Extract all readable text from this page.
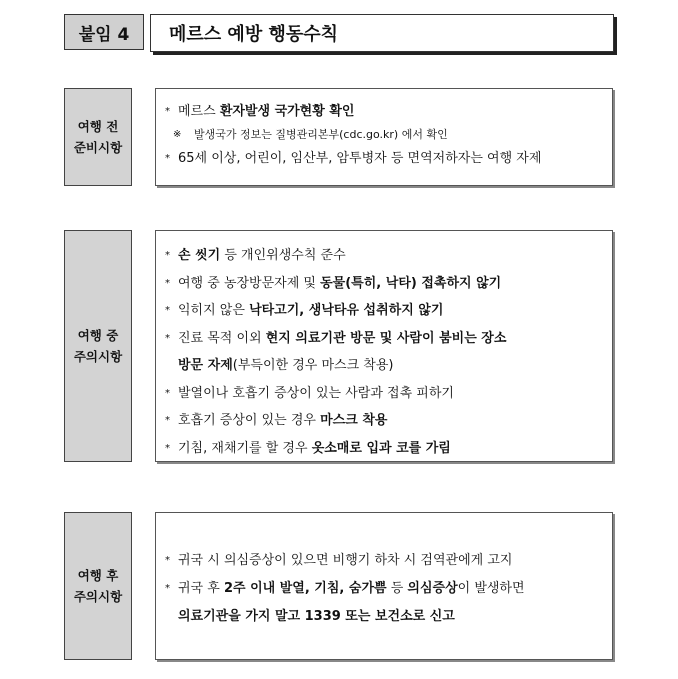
붙임 4 메르스 예방 행동수칙
여행 전
준비시항
* 메르스 환자발생 국가현황 확인
※ 발생국가 정보는 질병관리본부(cdc.go.kr) 에서 확인
* 65세 이상, 어린이, 임산부, 암투병자 등 면역저하자는 여행 자제
여행 중
주의시항
* 손 씻기 등 개인위생수칙 준수
* 여행 중 농장방문자제 및 동물(특히, 낙타) 접촉하지 않기
* 익히지 않은 낙타고기, 생낙타유 섭취하지 않기
* 진료 목적 이외 현지 의료기관 방문 및 사람이 붐비는 장소
방문 자제(부득이한 경우 마스크 착용)
* 발열이나 호흡기 증상이 있는 사람과 접촉 피하기
* 호흡기 증상이 있는 경우 마스크 착용
* 기침, 재채기를 할 경우 옷소매로 입과 코를 가림
여행 후
주의시항
* 귀국 시 의심증상이 있으면 비행기 하차 시 검역관에게 고지
* 귀국 후 2주 이내 발열, 기침, 숨가쁨 등 의심증상이 발생하면
의료기관을 가지 말고 1339 또는 보건소로 신고
